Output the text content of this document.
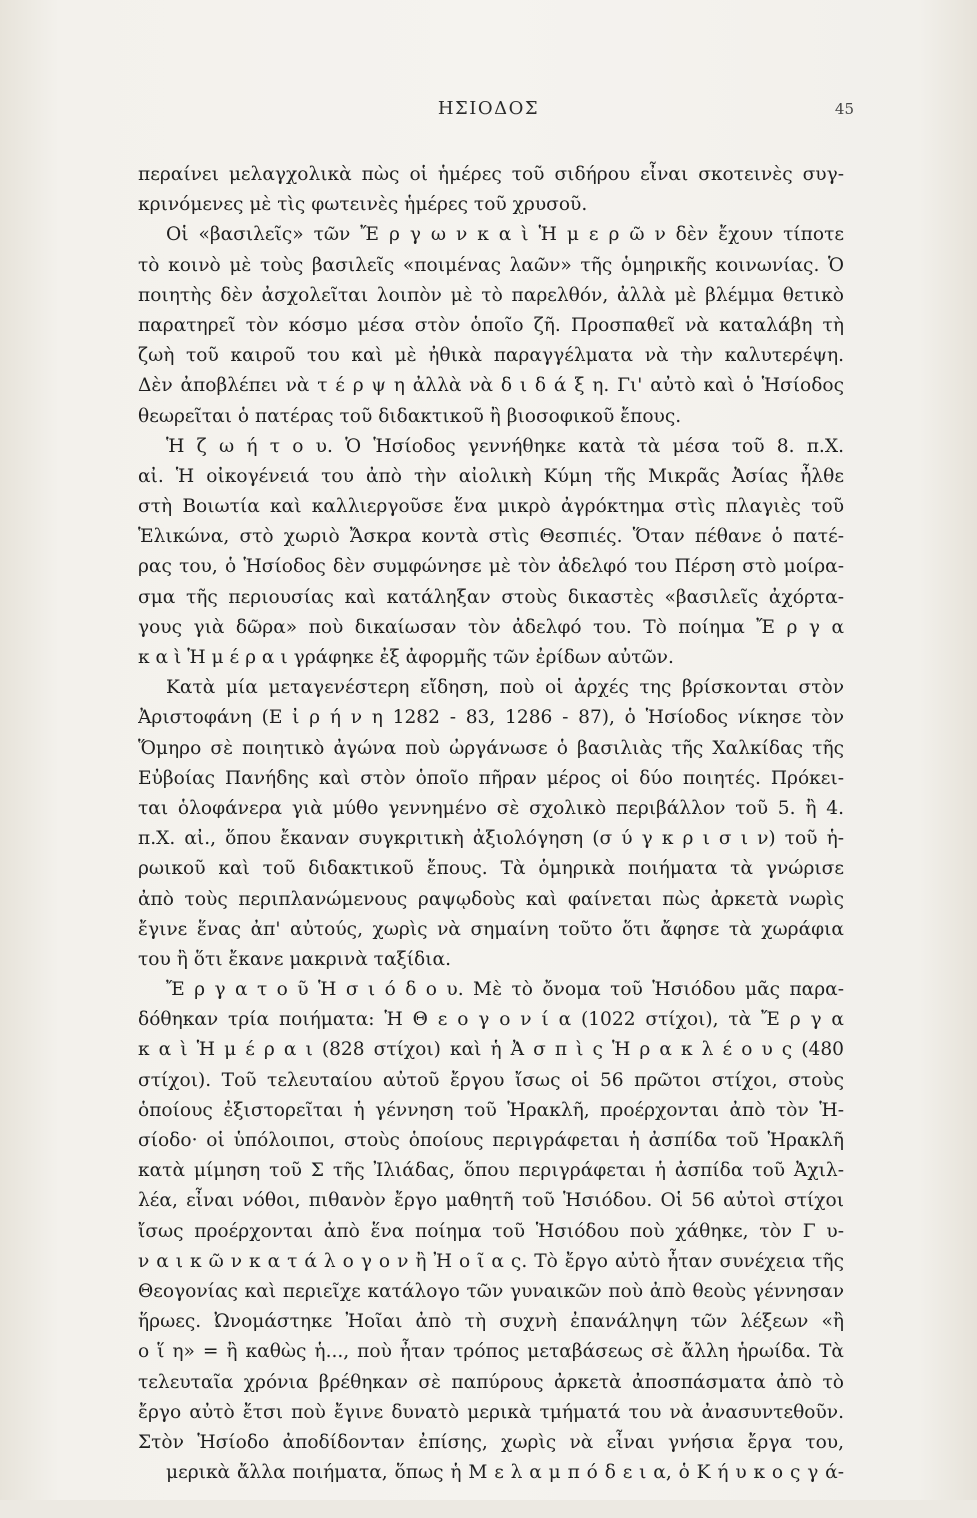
ΗΣΙΟΔΟΣ	45
περαίνει μελαγχολικὰ πὼς οἱ ἡμέρες τοῦ σιδήρου εἶναι σκοτεινὲς συγ-
κρινόμενες μὲ τὶς φωτεινὲς ἡμέρες τοῦ χρυσοῦ.
Οἱ «βασιλεῖς» τῶν Ἔ ρ γ ω ν κ α ὶ Ἡ μ ε ρ ῶ ν δὲν ἔχουν τίποτε
τὸ κοινὸ μὲ τοὺς βασιλεῖς «ποιμένας λαῶν» τῆς ὁμηρικῆς κοινωνίας. Ὁ
ποιητὴς δὲν ἀσχολεῖται λοιπὸν μὲ τὸ παρελθόν, ἀλλὰ μὲ βλέμμα θετικὸ
παρατηρεῖ τὸν κόσμο μέσα στὸν ὁποῖο ζῆ. Προσπαθεῖ νὰ καταλάβη τὴ
ζωὴ τοῦ καιροῦ του καὶ μὲ ἠθικὰ παραγγέλματα νὰ τὴν καλυτερέψη.
Δὲν ἀποβλέπει νὰ τ έ ρ ψ η ἀλλὰ νὰ δ ι δ ά ξ η. Γι' αὐτὸ καὶ ὁ Ἡσίοδος
θεωρεῖται ὁ πατέρας τοῦ διδακτικοῦ ἢ βιοσοφικοῦ ἔπους.
Ἡ ζ ω ή τ ο υ. Ὁ Ἡσίοδος γεννήθηκε κατὰ τὰ μέσα τοῦ 8. π.Χ.
αἰ. Ἡ οἰκογένειά του ἀπὸ τὴν αἰολικὴ Κύμη τῆς Μικρᾶς Ἀσίας ἦλθε
στὴ Βοιωτία καὶ καλλιεργοῦσε ἕνα μικρὸ ἀγρόκτημα στὶς πλαγιὲς τοῦ
Ἑλικώνα, στὸ χωριὸ Ἄσκρα κοντὰ στὶς Θεσπιές. Ὅταν πέθανε ὁ πατέ-
ρας του, ὁ Ἡσίοδος δὲν συμφώνησε μὲ τὸν ἀδελφό του Πέρση στὸ μοίρα-
σμα τῆς περιουσίας καὶ κατάληξαν στοὺς δικαστὲς «βασιλεῖς ἀχόρτα-
γους γιὰ δῶρα» ποὺ δικαίωσαν τὸν ἀδελφό του. Τὸ ποίημα Ἔ ρ γ α
κ α ὶ Ἡ μ έ ρ α ι γράφηκε ἐξ ἀφορμῆς τῶν ἐρίδων αὐτῶν.
Κατὰ μία μεταγενέστερη εἴδηση, ποὺ οἱ ἀρχές της βρίσκονται στὸν
Ἀριστοφάνη (Ε ἰ ρ ή ν η 1282 - 83, 1286 - 87), ὁ Ἡσίοδος νίκησε τὸν
Ὅμηρο σὲ ποιητικὸ ἀγώνα ποὺ ὠργάνωσε ὁ βασιλιὰς τῆς Χαλκίδας τῆς
Εὐβοίας Πανήδης καὶ στὸν ὁποῖο πῆραν μέρος οἱ δύο ποιητές. Πρόκει-
ται ὁλοφάνερα γιὰ μύθο γεννημένο σὲ σχολικὸ περιβάλλον τοῦ 5. ἢ 4.
π.Χ. αἰ., ὅπου ἔκαναν συγκριτικὴ ἀξιολόγηση (σ ύ γ κ ρ ι σ ι ν) τοῦ ἡ-
ρωικοῦ καὶ τοῦ διδακτικοῦ ἔπους. Τὰ ὁμηρικὰ ποιήματα τὰ γνώρισε
ἀπὸ τοὺς περιπλανώμενους ραψῳδοὺς καὶ φαίνεται πὼς ἀρκετὰ νωρὶς
ἔγινε ἕνας ἀπ' αὐτούς, χωρὶς νὰ σημαίνη τοῦτο ὅτι ἄφησε τὰ χωράφια
του ἢ ὅτι ἔκανε μακρινὰ ταξίδια.
Ἔ ρ γ α τ ο ῦ Ἡ σ ι ό δ ο υ. Μὲ τὸ ὄνομα τοῦ Ἡσιόδου μᾶς παρα-
δόθηκαν τρία ποιήματα: Ἡ Θ ε ο γ ο ν ί α (1022 στίχοι), τὰ Ἔ ρ γ α
κ α ὶ Ἡ μ έ ρ α ι (828 στίχοι) καὶ ἡ Ἀ σ π ὶ ς Ἡ ρ α κ λ έ ο υ ς (480
στίχοι). Τοῦ τελευταίου αὐτοῦ ἔργου ἴσως οἱ 56 πρῶτοι στίχοι, στοὺς
ὁποίους ἐξιστορεῖται ἡ γέννηση τοῦ Ἡρακλῆ, προέρχονται ἀπὸ τὸν Ἡ-
σίοδο· οἱ ὑπόλοιποι, στοὺς ὁποίους περιγράφεται ἡ ἀσπίδα τοῦ Ἡρακλῆ
κατὰ μίμηση τοῦ Σ τῆς Ἰλιάδας, ὅπου περιγράφεται ἡ ἀσπίδα τοῦ Ἀχιλ-
λέα, εἶναι νόθοι, πιθανὸν ἔργο μαθητῆ τοῦ Ἡσιόδου. Οἱ 56 αὐτοὶ στίχοι
ἴσως προέρχονται ἀπὸ ἕνα ποίημα τοῦ Ἡσιόδου ποὺ χάθηκε, τὸν Γ υ-
ν α ι κ ῶ ν κ α τ ά λ ο γ ο ν ἢ Ἠ ο ῖ α ς. Τὸ ἔργο αὐτὸ ἦταν συνέχεια τῆς
Θεογονίας καὶ περιεῖχε κατάλογο τῶν γυναικῶν ποὺ ἀπὸ θεοὺς γέννησαν
ἥρωες. Ὠνομάστηκε Ἠοῖαι ἀπὸ τὴ συχνὴ ἐπανάληψη τῶν λέξεων «ἢ
ο ἵ η» = ἢ καθὼς ἡ..., ποὺ ἦταν τρόπος μεταβάσεως σὲ ἄλλη ἡρωίδα. Τὰ
τελευταῖα χρόνια βρέθηκαν σὲ παπύρους ἀρκετὰ ἀποσπάσματα ἀπὸ τὸ
ἔργο αὐτὸ ἔτσι ποὺ ἔγινε δυνατὸ μερικὰ τμήματά του νὰ ἀνασυντεθοῦν.
Στὸν Ἡσίοδο ἀποδίδονταν ἐπίσης, χωρὶς νὰ εἶναι γνήσια ἔργα του,
μερικὰ ἄλλα ποιήματα, ὅπως ἡ Μ ε λ α μ π ό δ ε ι α, ὁ Κ ή υ κ ο ς γ ά-
